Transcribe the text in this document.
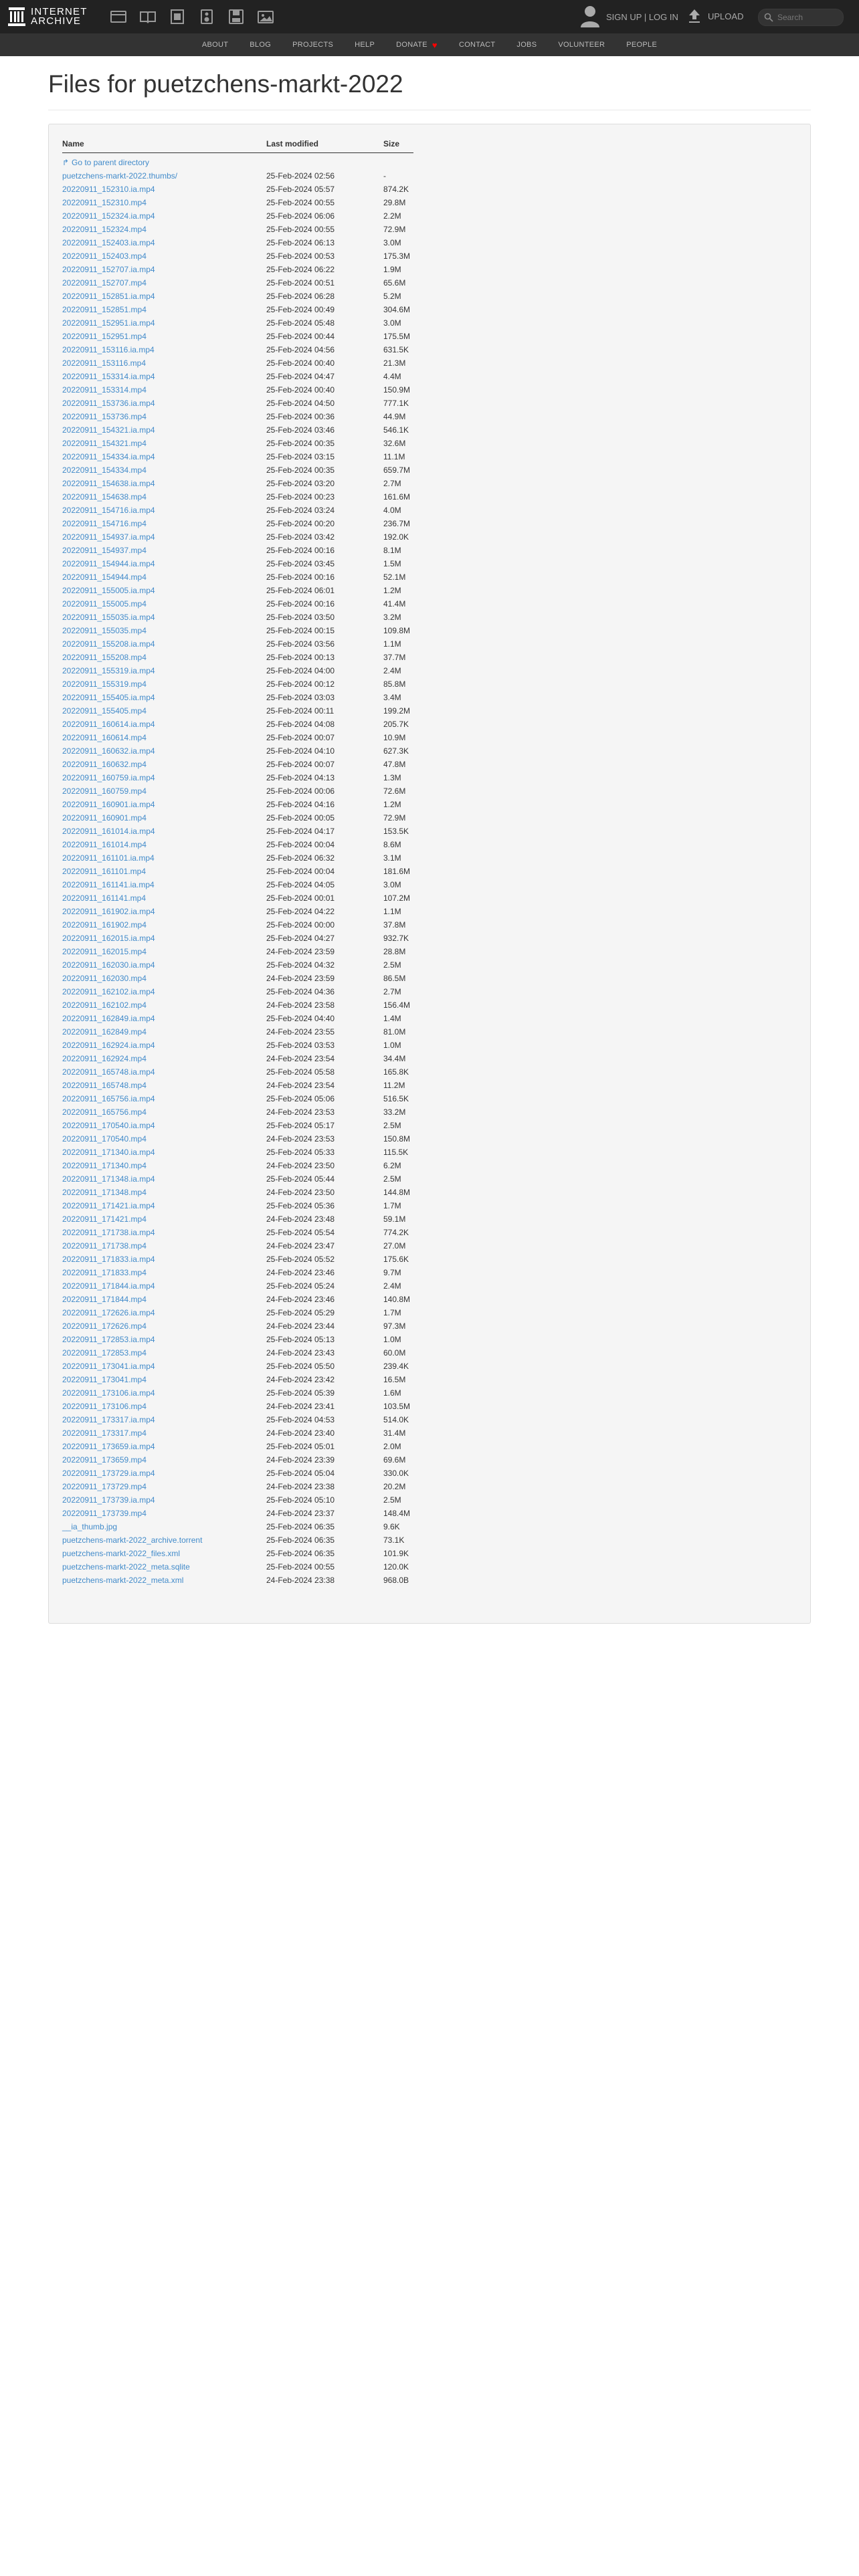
INTERNET
ARCHIVE	SIGN UP | LOG IN	UPLOAD
Search
ABOUT	BLOG	PROJECTS	HELP	DONATE ♥	CONTACT	JOBS	VOLUNTEER	PEOPLE
Files for puetzchens-markt-2022
Name	Last modified	Size
↱ Go to parent directory		
puetzchens-markt-2022.thumbs/	25-Feb-2024 02:56	-
20220911_152310.ia.mp4	25-Feb-2024 05:57	874.2K
20220911_152310.mp4	25-Feb-2024 00:55	29.8M
20220911_152324.ia.mp4	25-Feb-2024 06:06	2.2M
20220911_152324.mp4	25-Feb-2024 00:55	72.9M
20220911_152403.ia.mp4	25-Feb-2024 06:13	3.0M
20220911_152403.mp4	25-Feb-2024 00:53	175.3M
20220911_152707.ia.mp4	25-Feb-2024 06:22	1.9M
20220911_152707.mp4	25-Feb-2024 00:51	65.6M
20220911_152851.ia.mp4	25-Feb-2024 06:28	5.2M
20220911_152851.mp4	25-Feb-2024 00:49	304.6M
20220911_152951.ia.mp4	25-Feb-2024 05:48	3.0M
20220911_152951.mp4	25-Feb-2024 00:44	175.5M
20220911_153116.ia.mp4	25-Feb-2024 04:56	631.5K
20220911_153116.mp4	25-Feb-2024 00:40	21.3M
20220911_153314.ia.mp4	25-Feb-2024 04:47	4.4M
20220911_153314.mp4	25-Feb-2024 00:40	150.9M
20220911_153736.ia.mp4	25-Feb-2024 04:50	777.1K
20220911_153736.mp4	25-Feb-2024 00:36	44.9M
20220911_154321.ia.mp4	25-Feb-2024 03:46	546.1K
20220911_154321.mp4	25-Feb-2024 00:35	32.6M
20220911_154334.ia.mp4	25-Feb-2024 03:15	11.1M
20220911_154334.mp4	25-Feb-2024 00:35	659.7M
20220911_154638.ia.mp4	25-Feb-2024 03:20	2.7M
20220911_154638.mp4	25-Feb-2024 00:23	161.6M
20220911_154716.ia.mp4	25-Feb-2024 03:24	4.0M
20220911_154716.mp4	25-Feb-2024 00:20	236.7M
20220911_154937.ia.mp4	25-Feb-2024 03:42	192.0K
20220911_154937.mp4	25-Feb-2024 00:16	8.1M
20220911_154944.ia.mp4	25-Feb-2024 03:45	1.5M
20220911_154944.mp4	25-Feb-2024 00:16	52.1M
20220911_155005.ia.mp4	25-Feb-2024 06:01	1.2M
20220911_155005.mp4	25-Feb-2024 00:16	41.4M
20220911_155035.ia.mp4	25-Feb-2024 03:50	3.2M
20220911_155035.mp4	25-Feb-2024 00:15	109.8M
20220911_155208.ia.mp4	25-Feb-2024 03:56	1.1M
20220911_155208.mp4	25-Feb-2024 00:13	37.7M
20220911_155319.ia.mp4	25-Feb-2024 04:00	2.4M
20220911_155319.mp4	25-Feb-2024 00:12	85.8M
20220911_155405.ia.mp4	25-Feb-2024 03:03	3.4M
20220911_155405.mp4	25-Feb-2024 00:11	199.2M
20220911_160614.ia.mp4	25-Feb-2024 04:08	205.7K
20220911_160614.mp4	25-Feb-2024 00:07	10.9M
20220911_160632.ia.mp4	25-Feb-2024 04:10	627.3K
20220911_160632.mp4	25-Feb-2024 00:07	47.8M
20220911_160759.ia.mp4	25-Feb-2024 04:13	1.3M
20220911_160759.mp4	25-Feb-2024 00:06	72.6M
20220911_160901.ia.mp4	25-Feb-2024 04:16	1.2M
20220911_160901.mp4	25-Feb-2024 00:05	72.9M
20220911_161014.ia.mp4	25-Feb-2024 04:17	153.5K
20220911_161014.mp4	25-Feb-2024 00:04	8.6M
20220911_161101.ia.mp4	25-Feb-2024 06:32	3.1M
20220911_161101.mp4	25-Feb-2024 00:04	181.6M
20220911_161141.ia.mp4	25-Feb-2024 04:05	3.0M
20220911_161141.mp4	25-Feb-2024 00:01	107.2M
20220911_161902.ia.mp4	25-Feb-2024 04:22	1.1M
20220911_161902.mp4	25-Feb-2024 00:00	37.8M
20220911_162015.ia.mp4	25-Feb-2024 04:27	932.7K
20220911_162015.mp4	24-Feb-2024 23:59	28.8M
20220911_162030.ia.mp4	25-Feb-2024 04:32	2.5M
20220911_162030.mp4	24-Feb-2024 23:59	86.5M
20220911_162102.ia.mp4	25-Feb-2024 04:36	2.7M
20220911_162102.mp4	24-Feb-2024 23:58	156.4M
20220911_162849.ia.mp4	25-Feb-2024 04:40	1.4M
20220911_162849.mp4	24-Feb-2024 23:55	81.0M
20220911_162924.ia.mp4	25-Feb-2024 03:53	1.0M
20220911_162924.mp4	24-Feb-2024 23:54	34.4M
20220911_165748.ia.mp4	25-Feb-2024 05:58	165.8K
20220911_165748.mp4	24-Feb-2024 23:54	11.2M
20220911_165756.ia.mp4	25-Feb-2024 05:06	516.5K
20220911_165756.mp4	24-Feb-2024 23:53	33.2M
20220911_170540.ia.mp4	25-Feb-2024 05:17	2.5M
20220911_170540.mp4	24-Feb-2024 23:53	150.8M
20220911_171340.ia.mp4	25-Feb-2024 05:33	115.5K
20220911_171340.mp4	24-Feb-2024 23:50	6.2M
20220911_171348.ia.mp4	25-Feb-2024 05:44	2.5M
20220911_171348.mp4	24-Feb-2024 23:50	144.8M
20220911_171421.ia.mp4	25-Feb-2024 05:36	1.7M
20220911_171421.mp4	24-Feb-2024 23:48	59.1M
20220911_171738.ia.mp4	25-Feb-2024 05:54	774.2K
20220911_171738.mp4	24-Feb-2024 23:47	27.0M
20220911_171833.ia.mp4	25-Feb-2024 05:52	175.6K
20220911_171833.mp4	24-Feb-2024 23:46	9.7M
20220911_171844.ia.mp4	25-Feb-2024 05:24	2.4M
20220911_171844.mp4	24-Feb-2024 23:46	140.8M
20220911_172626.ia.mp4	25-Feb-2024 05:29	1.7M
20220911_172626.mp4	24-Feb-2024 23:44	97.3M
20220911_172853.ia.mp4	25-Feb-2024 05:13	1.0M
20220911_172853.mp4	24-Feb-2024 23:43	60.0M
20220911_173041.ia.mp4	25-Feb-2024 05:50	239.4K
20220911_173041.mp4	24-Feb-2024 23:42	16.5M
20220911_173106.ia.mp4	25-Feb-2024 05:39	1.6M
20220911_173106.mp4	24-Feb-2024 23:41	103.5M
20220911_173317.ia.mp4	25-Feb-2024 04:53	514.0K
20220911_173317.mp4	24-Feb-2024 23:40	31.4M
20220911_173659.ia.mp4	25-Feb-2024 05:01	2.0M
20220911_173659.mp4	24-Feb-2024 23:39	69.6M
20220911_173729.ia.mp4	25-Feb-2024 05:04	330.0K
20220911_173729.mp4	24-Feb-2024 23:38	20.2M
20220911_173739.ia.mp4	25-Feb-2024 05:10	2.5M
20220911_173739.mp4	24-Feb-2024 23:37	148.4M
__ia_thumb.jpg	25-Feb-2024 06:35	9.6K
puetzchens-markt-2022_archive.torrent	25-Feb-2024 06:35	73.1K
puetzchens-markt-2022_files.xml	25-Feb-2024 06:35	101.9K
puetzchens-markt-2022_meta.sqlite	25-Feb-2024 00:55	120.0K
puetzchens-markt-2022_meta.xml	24-Feb-2024 23:38	968.0B
